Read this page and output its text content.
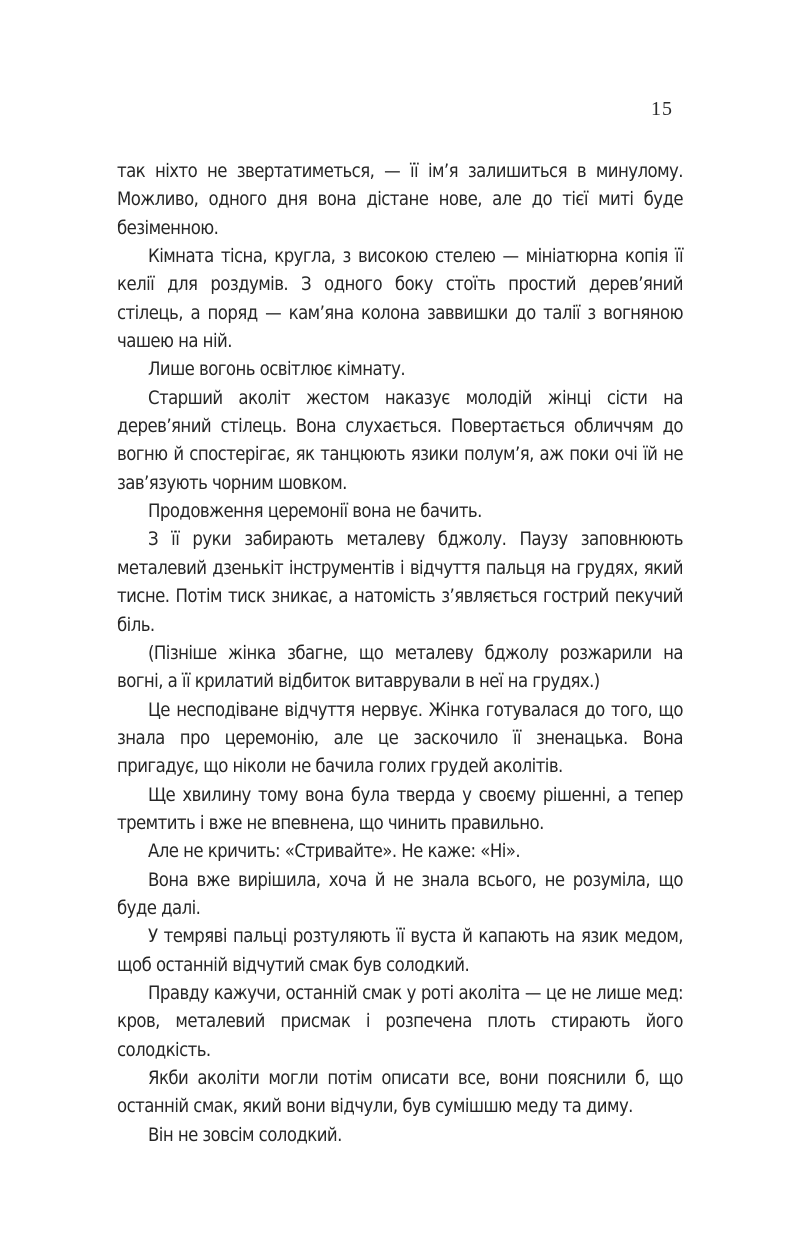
15

так ніхто не звертатиметься, — її ім’я залишиться в минулому. Можливо, одного дня вона дістане нове, але до тієї миті буде безіменною.

Кімната тісна, кругла, з високою стелею — мініатюрна копія її келії для роздумів. З одного боку стоїть простий дерев’яний стілець, а поряд — кам’яна колона заввишки до талії з вогняною чашею на ній.

Лише вогонь освітлює кімнату.

Старший аколіт жестом наказує молодій жінці сісти на дерев’яний стілець. Вона слухається. Повертається обличчям до вогню й спостерігає, як танцюють язики полум’я, аж поки очі їй не зав’язують чорним шовком.

Продовження церемонії вона не бачить.

З її руки забирають металеву бджолу. Паузу заповнюють металевий дзенькіт інструментів і відчуття пальця на грудях, який тисне. Потім тиск зникає, а натомість з’являється гострий пекучий біль.

(Пізніше жінка збагне, що металеву бджолу розжарили на вогні, а її крилатий відбиток витаврували в неї на грудях.)

Це несподіване відчуття нервує. Жінка готувалася до того, що знала про церемонію, але це заскочило її зненацька. Вона пригадує, що ніколи не бачила голих грудей аколітів.

Ще хвилину тому вона була тверда у своєму рішенні, а тепер тремтить і вже не впевнена, що чинить правильно.

Але не кричить: «Стривайте». Не каже: «Ні».

Вона вже вирішила, хоча й не знала всього, не розуміла, що буде далі.

У темряві пальці розтуляють її вуста й капають на язик медом, щоб останній відчутий смак був солодкий.

Правду кажучи, останній смак у роті аколіта — це не лише мед: кров, металевий присмак і розпечена плоть стирають його солодкість.

Якби аколіти могли потім описати все, вони пояснили б, що останній смак, який вони відчули, був сумішшю меду та диму.

Він не зовсім солодкий.
